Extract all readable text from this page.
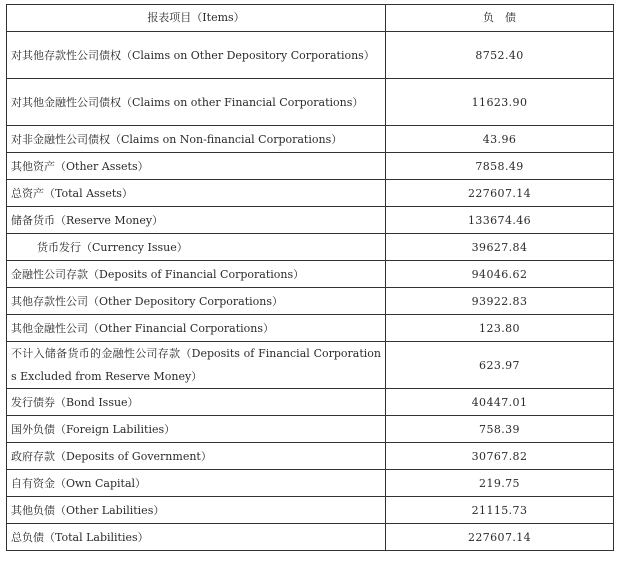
报表项目（Items）	负　债
对其他存款性公司债权（Claims on Other Depository Corporations）	8752.40
对其他金融性公司债权（Claims on other Financial Corporations）	11623.90
对非金融性公司债权（Claims on Non-financial Corporations）	43.96
其他资产（Other Assets）	7858.49
总资产（Total Assets）	227607.14
储备货币（Reserve Money）	133674.46
货币发行（Currency Issue）	39627.84
金融性公司存款（Deposits of Financial Corporations）	94046.62
其他存款性公司（Other Depository Corporations）	93922.83
其他金融性公司（Other Financial Corporations）	123.80
不计入储备货币的金融性公司存款（Deposits of Financial Corporations Excluded from Reserve Money）	623.97
发行债券（Bond Issue）	40447.01
国外负债（Foreign Labilities）	758.39
政府存款（Deposits of Government）	30767.82
自有资金（Own Capital）	219.75
其他负债（Other Labilities）	21115.73
总负债（Total Labilities）	227607.14
